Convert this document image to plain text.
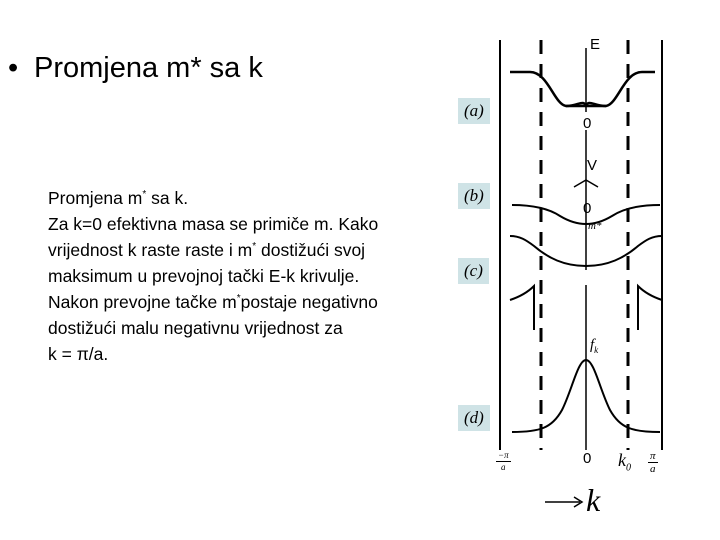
• Promjena m* sa k
Promjena m* sa k.
Za k=0 efektivna masa se primiče m. Kako
vrijednost k raste raste i m* dostižući svoj
maksimum u prevojnoj tački E-k krivulje.
Nakon prevojne tačke m*postaje negativno
dostižući malu negativnu vrijednost za
k = π/a.
(a)
(b)
(c)
(d)
E
0
V
0
m*
$f_k$
0 $k_0$
−π
a
π
a
k
